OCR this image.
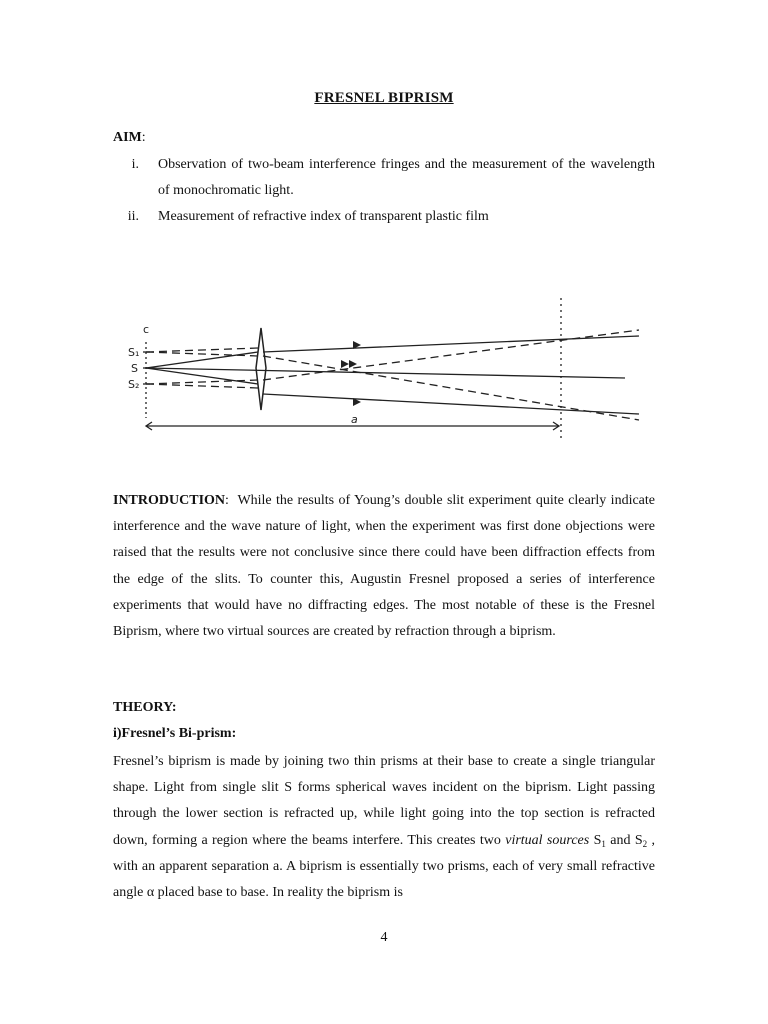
FRESNEL BIPRISM
AIM:
i. Observation of two-beam interference fringes and the measurement of the wavelength of monochromatic light.
ii. Measurement of refractive index of transparent plastic film
c
S₁
S
S₂
a
INTRODUCTION:  While the results of Young’s double slit experiment quite clearly indicate interference and the wave nature of light, when the experiment was first done objections were raised that the results were not conclusive since there could have been diffraction effects from the edge of the slits. To counter this, Augustin Fresnel proposed a series of interference experiments that would have no diffracting edges. The most notable of these is the Fresnel Biprism, where two virtual sources are created by refraction through a biprism.
THEORY:
i)Fresnel’s Bi-prism:
Fresnel’s biprism is made by joining two thin prisms at their base to create a single triangular shape. Light from single slit S forms spherical waves incident on the biprism. Light passing through the lower section is refracted up, while light going into the top section is refracted down, forming a region where the beams interfere. This creates two virtual sources $S_1$ and $S_2$ , with an apparent separation a. A biprism is essentially two prisms, each of very small refractive angle α placed base to base. In reality the biprism is
4
